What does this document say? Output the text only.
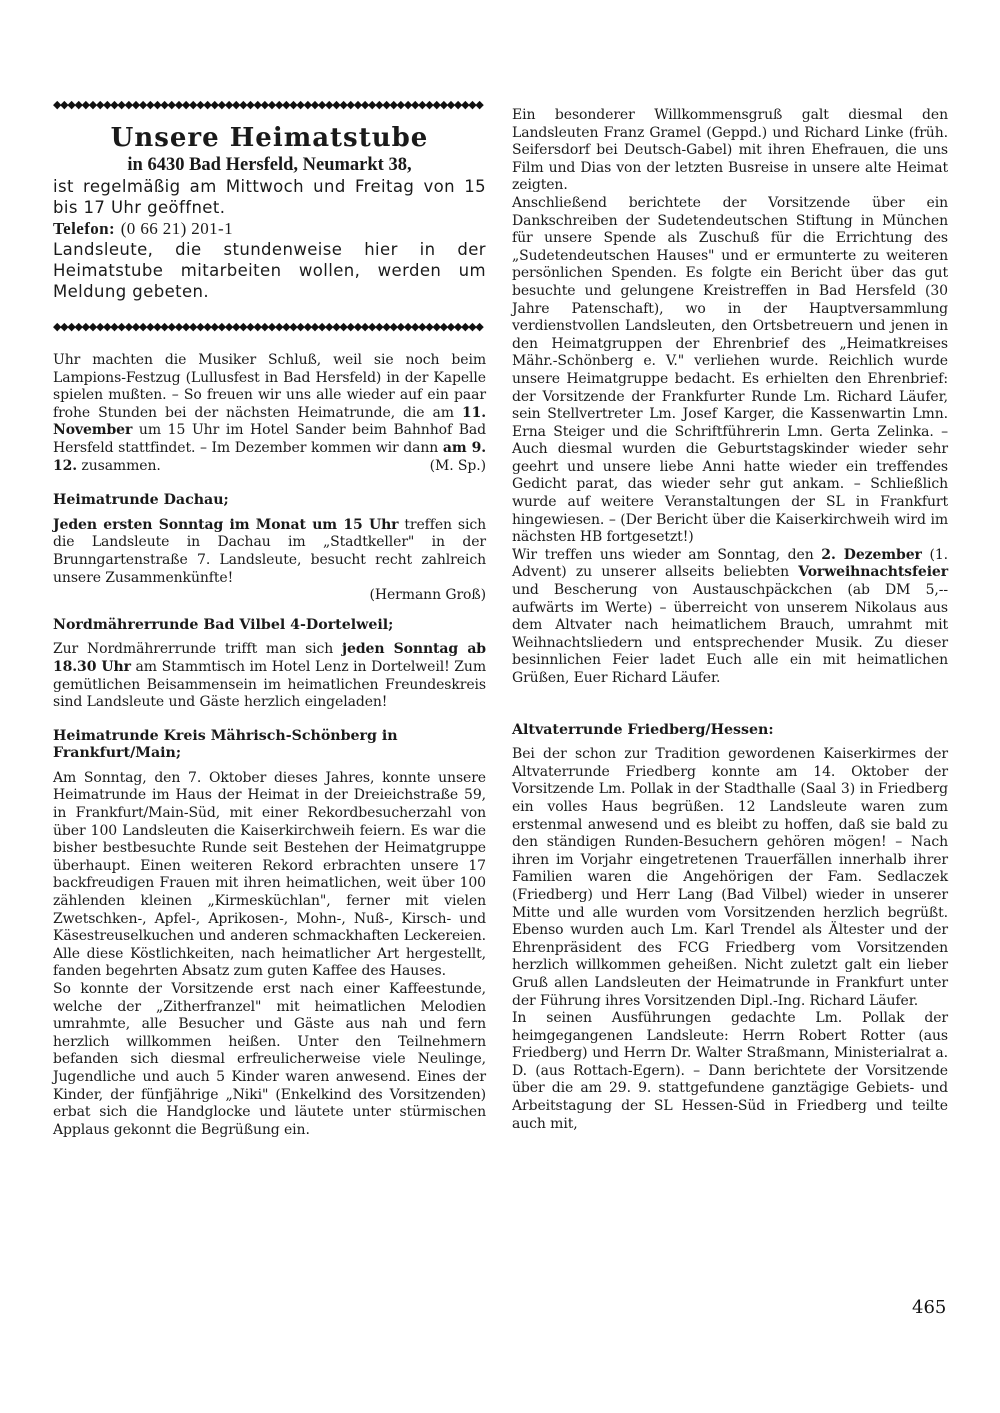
◆◆◆◆◆◆◆◆◆◆◆◆◆◆◆◆◆◆◆◆◆◆◆◆◆◆◆◆◆◆◆◆◆◆◆◆◆◆◆◆◆◆◆◆◆◆◆◆◆◆◆◆◆◆◆◆◆◆◆◆
Unsere Heimatstube
in 6430 Bad Hersfeld, Neumarkt 38,
ist regelmäßig am Mittwoch und Freitag von 15 bis 17 Uhr geöffnet.
Telefon: (0 66 21) 201-1
Landsleute, die stundenweise hier in der Heimatstube mitarbeiten wollen, werden um Meldung gebeten.
◆◆◆◆◆◆◆◆◆◆◆◆◆◆◆◆◆◆◆◆◆◆◆◆◆◆◆◆◆◆◆◆◆◆◆◆◆◆◆◆◆◆◆◆◆◆◆◆◆◆◆◆◆◆◆◆◆◆◆◆

Uhr machten die Musiker Schluß, weil sie noch beim Lampions-Festzug (Lullusfest in Bad Hersfeld) in der Kapelle spielen mußten. – So freuen wir uns alle wieder auf ein paar frohe Stunden bei der nächsten Heimatrunde, die am 11. November um 15 Uhr im Hotel Sander beim Bahnhof Bad Hersfeld stattfindet. – Im Dezember kommen wir dann am 9. 12. zusammen.	(M. Sp.)

Heimatrunde Dachau;

Jeden ersten Sonntag im Monat um 15 Uhr treffen sich die Landsleute in Dachau im „Stadtkeller" in der Brunngartenstraße 7. Landsleute, besucht recht zahlreich unsere Zusammenkünfte!
(Hermann Groß)

Nordmährerrunde Bad Vilbel 4-Dortelweil;

Zur Nordmährerrunde trifft man sich jeden Sonntag ab 18.30 Uhr am Stammtisch im Hotel Lenz in Dortelweil! Zum gemütlichen Beisammensein im heimatlichen Freundeskreis sind Landsleute und Gäste herzlich eingeladen!

Heimatrunde Kreis Mährisch-Schönberg in Frankfurt/Main;

Am Sonntag, den 7. Oktober dieses Jahres, konnte unsere Heimatrunde im Haus der Heimat in der Dreieichstraße 59, in Frankfurt/Main-Süd, mit einer Rekordbesucherzahl von über 100 Landsleuten die Kaiserkirchweih feiern. Es war die bisher bestbesuchte Runde seit Bestehen der Heimatgruppe überhaupt. Einen weiteren Rekord erbrachten unsere 17 backfreudigen Frauen mit ihren heimatlichen, weit über 100 zählenden kleinen „Kirmesküchlan", ferner mit vielen Zwetschken-, Apfel-, Aprikosen-, Mohn-, Nuß-, Kirsch- und Käsestreuselkuchen und anderen schmackhaften Leckereien. Alle diese Köstlichkeiten, nach heimatlicher Art hergestellt, fanden begehrten Absatz zum guten Kaffee des Hauses.

So konnte der Vorsitzende erst nach einer Kaffeestunde, welche der „Zitherfranzel" mit heimatlichen Melodien umrahmte, alle Besucher und Gäste aus nah und fern herzlich willkommen heißen. Unter den Teilnehmern befanden sich diesmal erfreulicherweise viele Neulinge, Jugendliche und auch 5 Kinder waren anwesend. Eines der Kinder, der fünfjährige „Niki" (Enkelkind des Vorsitzenden) erbat sich die Handglocke und läutete unter stürmischen Applaus gekonnt die Begrüßung ein.

Ein besonderer Willkommensgruß galt diesmal den Landsleuten Franz Gramel (Geppd.) und Richard Linke (früh. Seifersdorf bei Deutsch-Gabel) mit ihren Ehefrauen, die uns Film und Dias von der letzten Busreise in unsere alte Heimat zeigten.

Anschließend berichtete der Vorsitzende über ein Dankschreiben der Sudetendeutschen Stiftung in München für unsere Spende als Zuschuß für die Errichtung des „Sudetendeutschen Hauses" und er ermunterte zu weiteren persönlichen Spenden. Es folgte ein Bericht über das gut besuchte und gelungene Kreistreffen in Bad Hersfeld (30 Jahre Patenschaft), wo in der Hauptversammlung verdienstvollen Landsleuten, den Ortsbetreuern und jenen in den Heimatgruppen der Ehrenbrief des „Heimatkreises Mähr.-Schönberg e. V." verliehen wurde. Reichlich wurde unsere Heimatgruppe bedacht. Es erhielten den Ehrenbrief: der Vorsitzende der Frankfurter Runde Lm. Richard Läufer, sein Stellvertreter Lm. Josef Karger, die Kassenwartin Lmn. Erna Steiger und die Schriftführerin Lmn. Gerta Zelinka. – Auch diesmal wurden die Geburtstagskinder wieder sehr geehrt und unsere liebe Anni hatte wieder ein treffendes Gedicht parat, das wieder sehr gut ankam. – Schließlich wurde auf weitere Veranstaltungen der SL in Frankfurt hingewiesen. – (Der Bericht über die Kaiserkirchweih wird im nächsten HB fortgesetzt!)

Wir treffen uns wieder am Sonntag, den 2. Dezember (1. Advent) zu unserer allseits beliebten Vorweihnachtsfeier und Bescherung von Austauschpäckchen (ab DM 5,-- aufwärts im Werte) – überreicht von unserem Nikolaus aus dem Altvater nach heimatlichem Brauch, umrahmt mit Weihnachtsliedern und entsprechender Musik. Zu dieser besinnlichen Feier ladet Euch alle ein mit heimatlichen Grüßen, Euer Richard Läufer.

Altvaterrunde Friedberg/Hessen:

Bei der schon zur Tradition gewordenen Kaiserkirmes der Altvaterrunde Friedberg konnte am 14. Oktober der Vorsitzende Lm. Pollak in der Stadthalle (Saal 3) in Friedberg ein volles Haus begrüßen. 12 Landsleute waren zum erstenmal anwesend und es bleibt zu hoffen, daß sie bald zu den ständigen Runden-Besuchern gehören mögen! – Nach ihren im Vorjahr eingetretenen Trauerfällen innerhalb ihrer Familien waren die Angehörigen der Fam. Sedlaczek (Friedberg) und Herr Lang (Bad Vilbel) wieder in unserer Mitte und alle wurden vom Vorsitzenden herzlich begrüßt. Ebenso wurden auch Lm. Karl Trendel als Ältester und der Ehrenpräsident des FCG Friedberg vom Vorsitzenden herzlich willkommen geheißen. Nicht zuletzt galt ein lieber Gruß allen Landsleuten der Heimatrunde in Frankfurt unter der Führung ihres Vorsitzenden Dipl.-Ing. Richard Läufer.

In seinen Ausführungen gedachte Lm. Pollak der heimgegangenen Landsleute: Herrn Robert Rotter (aus Friedberg) und Herrn Dr. Walter Straßmann, Ministerialrat a. D. (aus Rottach-Egern). – Dann berichtete der Vorsitzende über die am 29. 9. stattgefundene ganztägige Gebiets- und Arbeitstagung der SL Hessen-Süd in Friedberg und teilte auch mit,

465
